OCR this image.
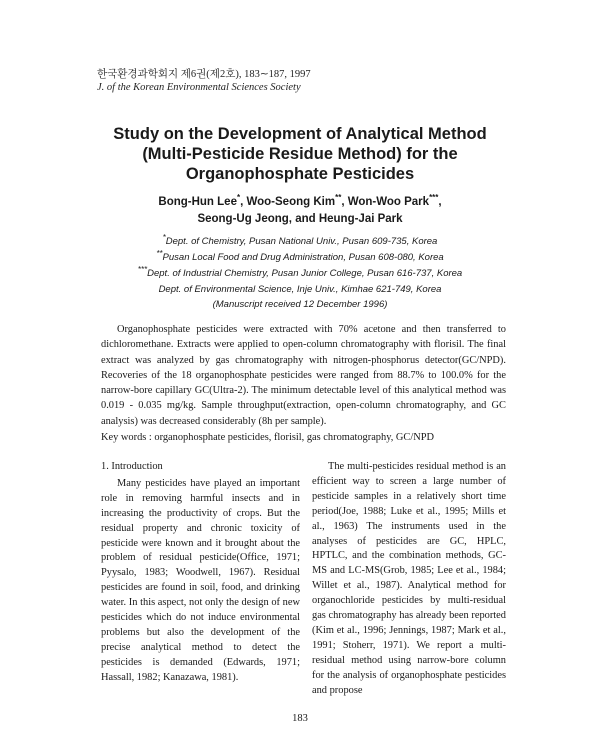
한국환경과학회지 제6권(제2호), 183∼187, 1997
J. of the Korean Environmental Sciences Society
Study on the Development of Analytical Method
(Multi-Pesticide Residue Method) for the
Organophosphate Pesticides
Bong-Hun Lee*, Woo-Seong Kim**, Won-Woo Park***,
Seong-Ug Jeong, and Heung-Jai Park
*Dept. of Chemistry, Pusan National Univ., Pusan 609-735, Korea
**Pusan Local Food and Drug Administration, Pusan 608-080, Korea
***Dept. of Industrial Chemistry, Pusan Junior College, Pusan 616-737, Korea
Dept. of Environmental Science, Inje Univ., Kimhae 621-749, Korea
(Manuscript received 12 December 1996)

Organophosphate pesticides were extracted with 70% acetone and then transferred to dichloromethane. Extracts were applied to open-column chromatography with florisil. The final extract was analyzed by gas chromatography with nitrogen-phosphorus detector(GC/NPD). Recoveries of the 18 organophosphate pesticides were ranged from 88.7% to 100.0% for the narrow-bore capillary GC(Ultra-2). The minimum detectable level of this analytical method was 0.019 - 0.035 mg/kg. Sample throughput(extraction, open-column chromatography, and GC analysis) was decreased considerably (8h per sample).

Key words : organophosphate pesticides, florisil, gas chromatography, GC/NPD
1. Introduction

Many pesticides have played an important role in removing harmful insects and in increasing the productivity of crops. But the residual property and chronic toxicity of pesticide were known and it brought about the problem of residual pesticide(Office, 1971; Pyysalo, 1983; Woodwell, 1967). Residual pesticides are found in soil, food, and drinking water. In this aspect, not only the design of new pesticides which do not induce environmental problems but also the development of the precise analytical method to detect the pesticides is demanded (Edwards, 1971; Hassall, 1982; Kanazawa, 1981).

The multi-pesticides residual method is an efficient way to screen a large number of pesticide samples in a relatively short time period(Joe, 1988; Luke et al., 1995; Mills et al., 1963) The instruments used in the analyses of pesticides are GC, HPLC, HPTLC, and the combination methods, GC-MS and LC-MS(Grob, 1985; Lee et al., 1984; Willet et al., 1987). Analytical method for organochloride pesticides by multi-residual gas chromatography has already been reported (Kim et al., 1996; Jennings, 1987; Mark et al., 1991; Stoherr, 1971). We report a multi-residual method using narrow-bore column for the analysis of organophosphate pesticides and propose

183
